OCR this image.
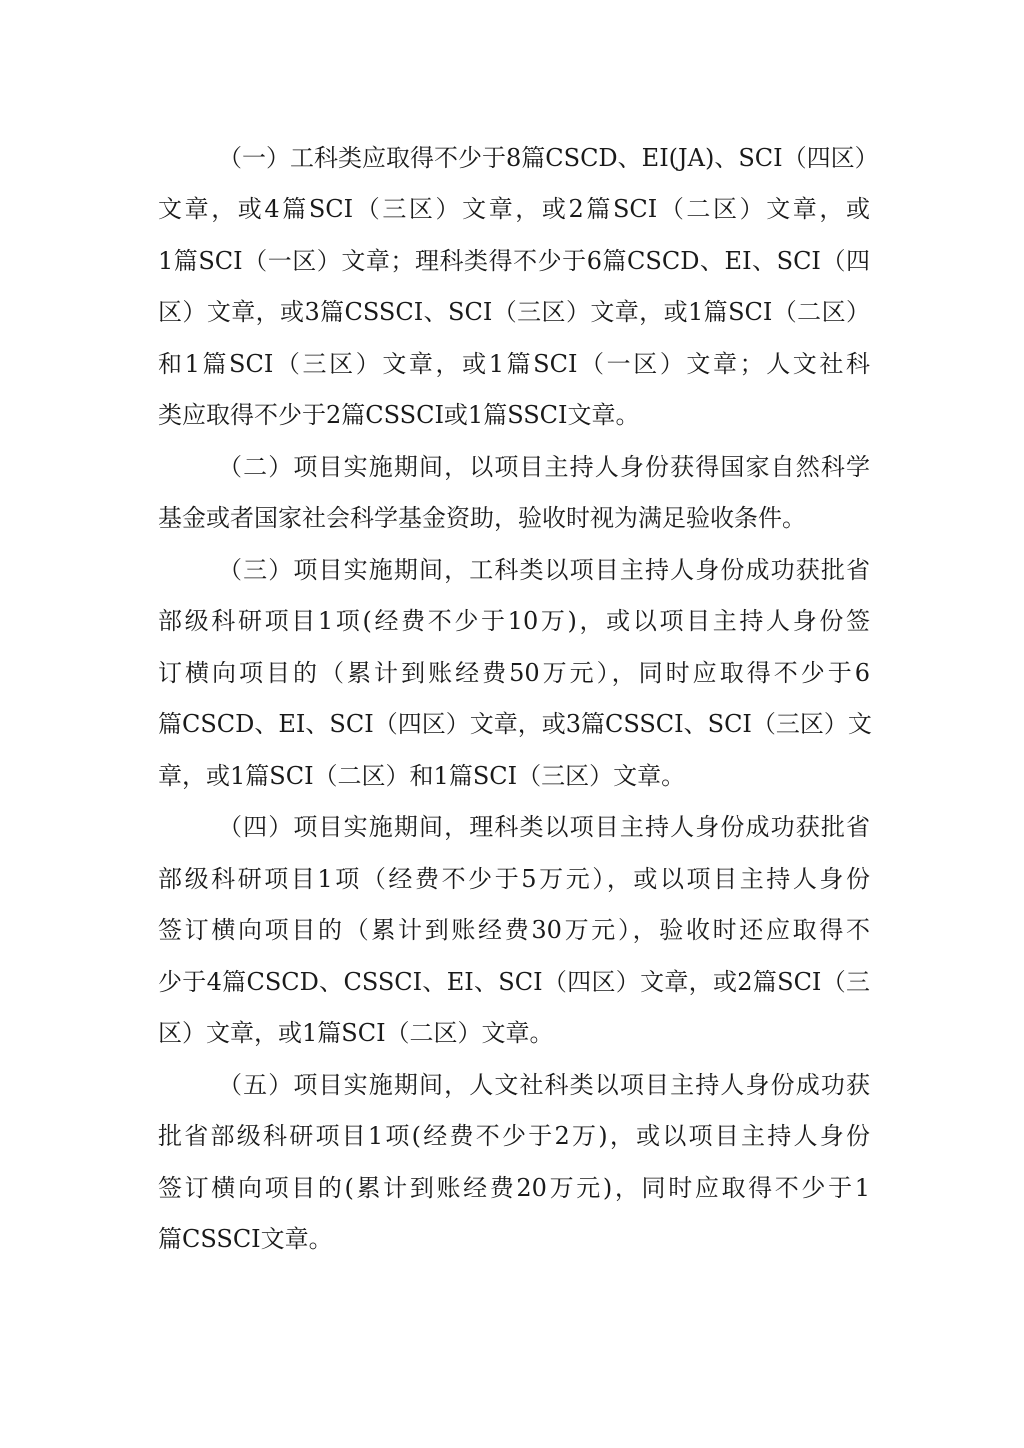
（一）工科类应取得不少于8篇CSCD、EI(JA)、SCI（四区）
文章，或4篇SCI（三区）文章，或2篇SCI（二区）文章，或
1篇SCI（一区）文章；理科类得不少于6篇CSCD、EI、SCI（四
区）文章，或3篇CSSCI、SCI（三区）文章，或1篇SCI（二区）
和1篇SCI（三区）文章，或1篇SCI（一区）文章；人文社科
类应取得不少于2篇CSSCI或1篇SSCI文章。
（二）项目实施期间，以项目主持人身份获得国家自然科学
基金或者国家社会科学基金资助，验收时视为满足验收条件。
（三）项目实施期间，工科类以项目主持人身份成功获批省
部级科研项目1项(经费不少于10万)，或以项目主持人身份签
订横向项目的（累计到账经费50万元），同时应取得不少于6
篇CSCD、EI、SCI（四区）文章，或3篇CSSCI、SCI（三区）文
章，或1篇SCI（二区）和1篇SCI（三区）文章。
（四）项目实施期间，理科类以项目主持人身份成功获批省
部级科研项目1项（经费不少于5万元），或以项目主持人身份
签订横向项目的（累计到账经费30万元），验收时还应取得不
少于4篇CSCD、CSSCI、EI、SCI（四区）文章，或2篇SCI（三
区）文章，或1篇SCI（二区）文章。
（五）项目实施期间，人文社科类以项目主持人身份成功获
批省部级科研项目1项(经费不少于2万)，或以项目主持人身份
签订横向项目的(累计到账经费20万元)，同时应取得不少于1
篇CSSCI文章。
